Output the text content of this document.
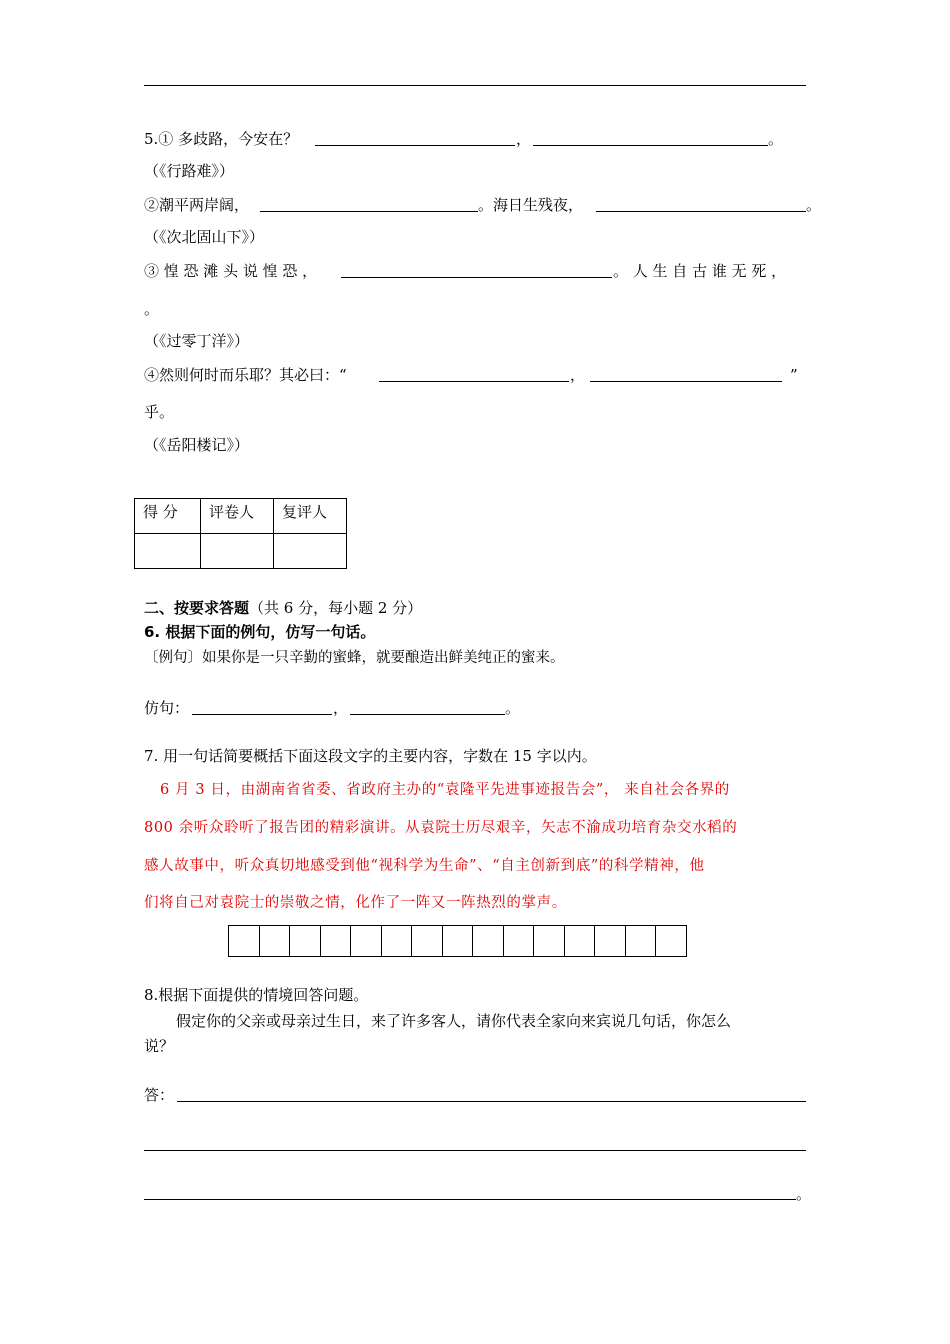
5.① 多歧路，今安在？	，	。
（《行路难》）
②潮平两岸阔，	。海日生残夜，	。
（《次北固山下》）
③ 惶 恐 滩 头 说 惶 恐 ，	。 人 生 自 古 谁 无 死 ，
。
（《过零丁洋》）
④然则何时而乐耶？其必曰：“	，	”
乎。
（《岳阳楼记》）
得 分	评卷人	复评人

二、按要求答题（共 6 分，每小题 2 分）
6. 根据下面的例句，仿写一句话。
〔例句〕如果你是一只辛勤的蜜蜂，就要酿造出鲜美纯正的蜜来。
仿句：	，	。
7. 用一句话简要概括下面这段文字的主要内容，字数在 15 字以内。
6 月 3 日，由湖南省省委、省政府主办的“袁隆平先进事迹报告会”， 来自社会各界的
800 余听众聆听了报告团的精彩演讲。从袁院士历尽艰辛，矢志不渝成功培育杂交水稻的
感人故事中，听众真切地感受到他“视科学为生命”、“自主创新到底”的科学精神，他
们将自己对袁院士的崇敬之情，化作了一阵又一阵热烈的掌声。
8.根据下面提供的情境回答问题。
假定你的父亲或母亲过生日，来了许多客人，请你代表全家向来宾说几句话，你怎么
说？
答：
。
